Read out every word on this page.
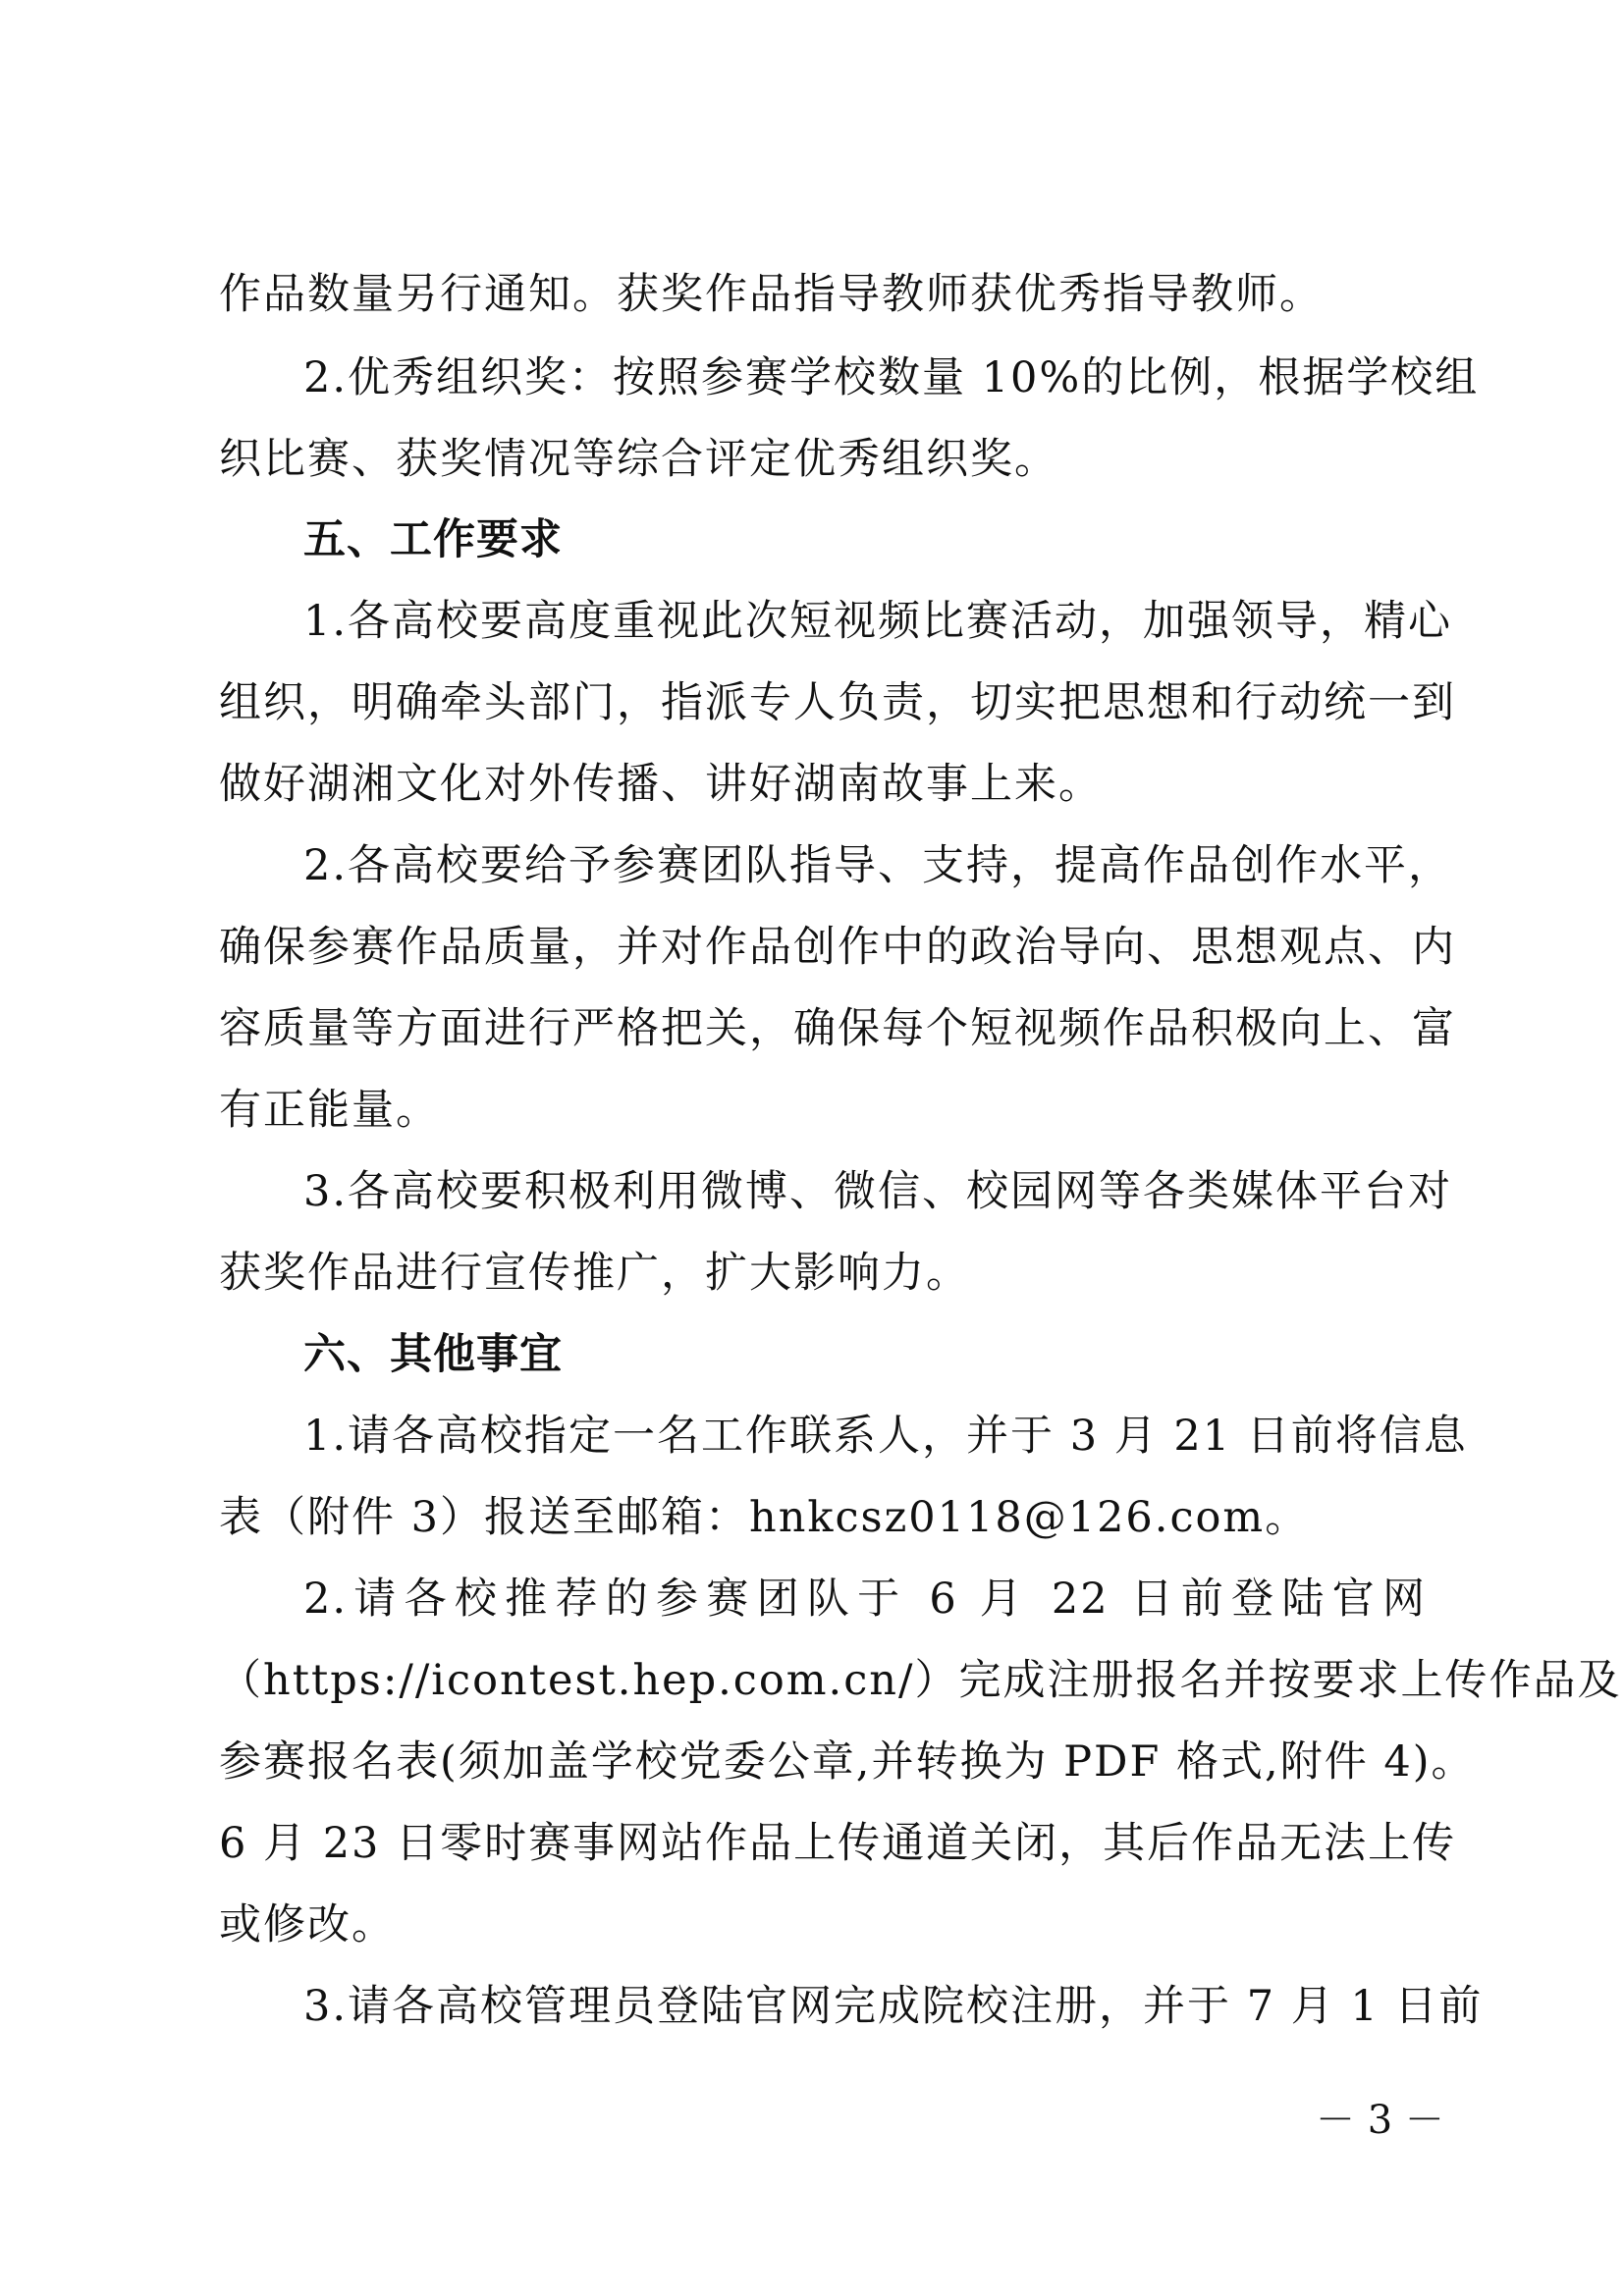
作品数量另行通知。获奖作品指导教师获优秀指导教师。
2.优秀组织奖：按照参赛学校数量 10%的比例，根据学校组
织比赛、获奖情况等综合评定优秀组织奖。
五、工作要求
1.各高校要高度重视此次短视频比赛活动，加强领导，精心
组织，明确牵头部门，指派专人负责，切实把思想和行动统一到
做好湖湘文化对外传播、讲好湖南故事上来。
2.各高校要给予参赛团队指导、支持，提高作品创作水平，
确保参赛作品质量，并对作品创作中的政治导向、思想观点、内
容质量等方面进行严格把关，确保每个短视频作品积极向上、富
有正能量。
3.各高校要积极利用微博、微信、校园网等各类媒体平台对
获奖作品进行宣传推广，扩大影响力。
六、其他事宜
1.请各高校指定一名工作联系人，并于 3 月 21 日前将信息
表（附件 3）报送至邮箱：hnkcsz0118@126.com。
2.请各校推荐的参赛团队于 6 月 22 日前登陆官网
（https://icontest.hep.com.cn/）完成注册报名并按要求上传作品及
参赛报名表(须加盖学校党委公章,并转换为 PDF 格式,附件 4)。
6 月 23 日零时赛事网站作品上传通道关闭，其后作品无法上传
或修改。
3.请各高校管理员登陆官网完成院校注册，并于 7 月 1 日前
－ 3 －
